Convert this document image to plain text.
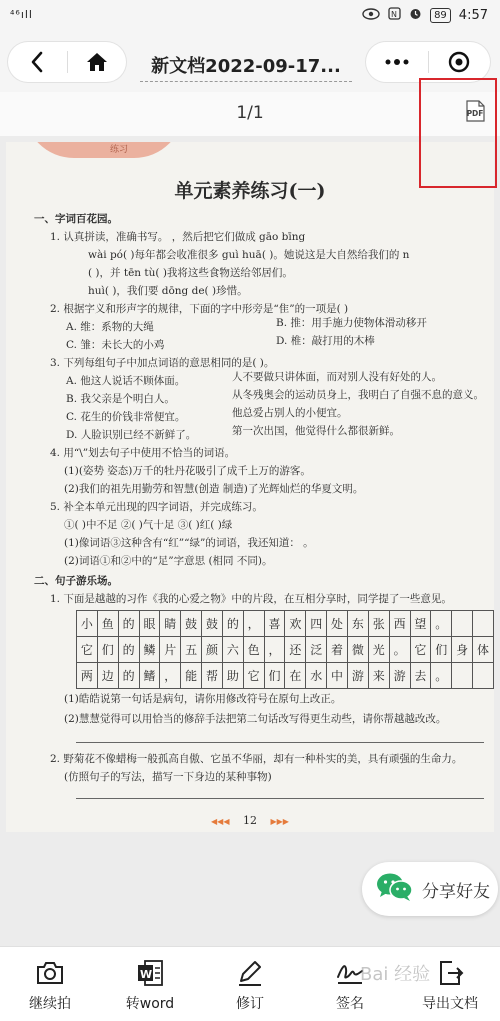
⁴⁶ıll	N	89 4:57
新文档2022-09-17...
1/1	PDF
练习
单元素养练习(一)
一、字词百花园。
1. 认真拼读，准确书写。 ，然后把它们做成 gāo bīng
wài pó( )每年都会收准很多 guì huā( )。她说这是大自然给我们的 n
( )，并 tēn tù( )我将这些食物送给邻居们。
huì( )，我们要 dōng de( )珍惜。
2. 根据字义和形声字的规律，下面的字中形旁是“隹”的一项是( )
A. 维：系物的大绳	B. 推：用手施力使物体滑动移开
C. 雏：未长大的小鸡	D. 椎：敲打用的木棒
3. 下列每组句子中加点词语的意思相同的是( )。
A. 他这人说话不顾体面。	人不要做只讲体面，而对别人没有好处的人。
B. 我父亲是个明白人。	从冬残奥会的运动员身上，我明白了自强不息的意义。
C. 花生的价钱非常便宜。	他总爱占别人的小便宜。
D. 人脸识别已经不新鲜了。	第一次出国，他觉得什么都很新鲜。
4. 用“\”划去句子中使用不恰当的词语。
(1)(姿势 姿态)万千的牡丹花吸引了成千上万的游客。
(2)我们的祖先用勤劳和智慧(创造 制造)了光辉灿烂的华夏文明。
5. 补全本单元出现的四字词语，并完成练习。
①( )中不足 ②( )气十足 ③( )红( )绿
(1)像词语③这种含有“红”“绿”的词语，我还知道： 。
(2)词语①和②中的“足”字意思 (相同 不同)。
二、句子游乐场。
1. 下面是越越的习作《我的心爱之物》中的片段，在互相分享时，同学提了一些意见。
小	鱼	的	眼	睛	鼓	鼓	的	，	喜	欢	四	处	东	张	西	望	。		
它	们	的	鳞	片	五	颜	六	色	，	还	泛	着	微	光	。	它	们	身	体
两	边	的	鳍	，	能	帮	助	它	们	在	水	中	游	来	游	去	。		
(1)皓皓说第一句话是病句，请你用修改符号在原句上改正。
(2)慧慧觉得可以用恰当的修辞手法把第二句话改写得更生动些，请你帮越越改改。
2. 野菊花不像蜡梅一般孤高自傲、它虽不华丽，却有一种朴实的美，具有顽强的生命力。
(仿照句子的写法，描写一下身边的某种事物)
◀◀◀ 12 ▶▶▶
分享好友
继续拍
W
转word	修订	签名	导出文档
Bai 经验
